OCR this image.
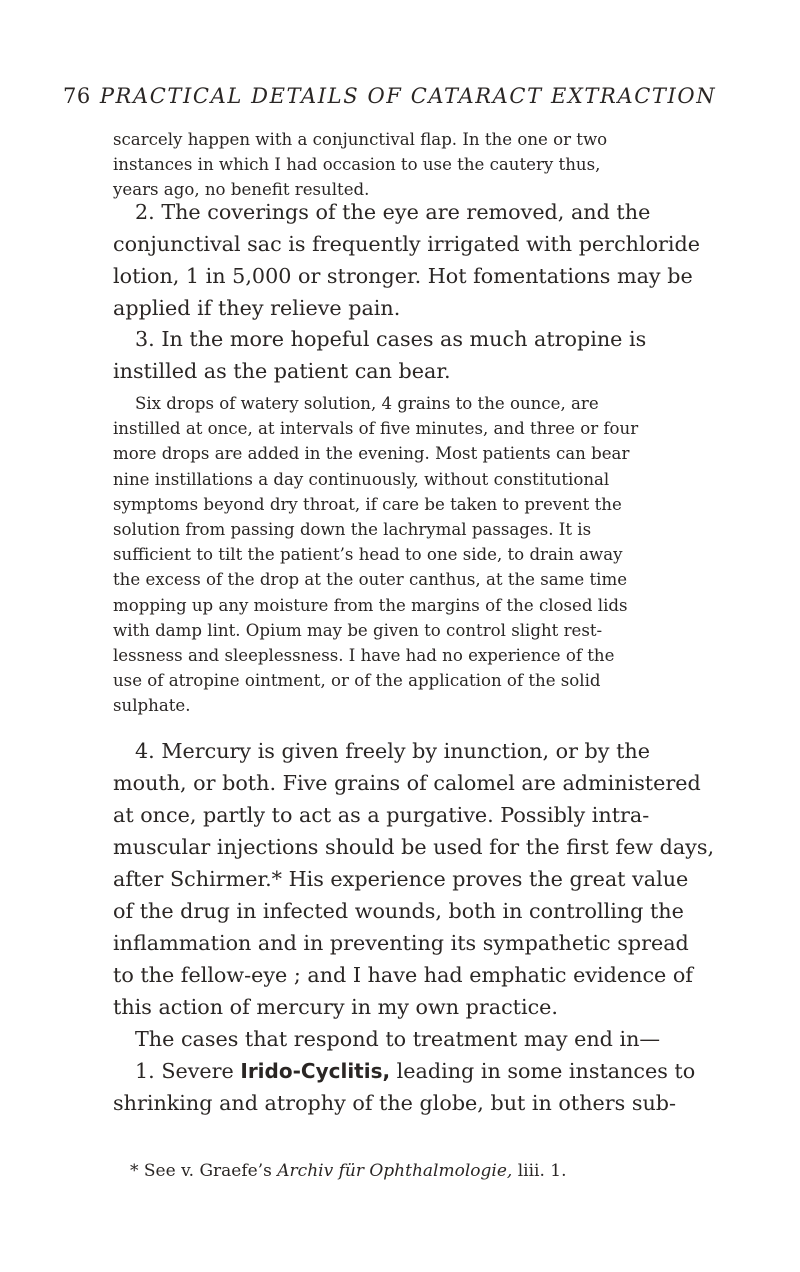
76 PRACTICAL DETAILS OF CATARACT EXTRACTION
scarcely happen with a conjunctival flap. In the one or two
instances in which I had occasion to use the cautery thus,
years ago, no benefit resulted.
2. The coverings of the eye are removed, and the
conjunctival sac is frequently irrigated with perchloride
lotion, 1 in 5,000 or stronger. Hot fomentations may be
applied if they relieve pain.
3. In the more hopeful cases as much atropine is
instilled as the patient can bear.
Six drops of watery solution, 4 grains to the ounce, are
instilled at once, at intervals of five minutes, and three or four
more drops are added in the evening. Most patients can bear
nine instillations a day continuously, without constitutional
symptoms beyond dry throat, if care be taken to prevent the
solution from passing down the lachrymal passages. It is
sufficient to tilt the patient’s head to one side, to drain away
the excess of the drop at the outer canthus, at the same time
mopping up any moisture from the margins of the closed lids
with damp lint. Opium may be given to control slight rest-
lessness and sleeplessness. I have had no experience of the
use of atropine ointment, or of the application of the solid
sulphate.
4. Mercury is given freely by inunction, or by the
mouth, or both. Five grains of calomel are administered
at once, partly to act as a purgative. Possibly intra-
muscular injections should be used for the first few days,
after Schirmer.* His experience proves the great value
of the drug in infected wounds, both in controlling the
inflammation and in preventing its sympathetic spread
to the fellow-eye ; and I have had emphatic evidence of
this action of mercury in my own practice.
The cases that respond to treatment may end in—
1. Severe Irido-Cyclitis, leading in some instances to
shrinking and atrophy of the globe, but in others sub-
* See v. Graefe’s Archiv für Ophthalmologie, liii. 1.
